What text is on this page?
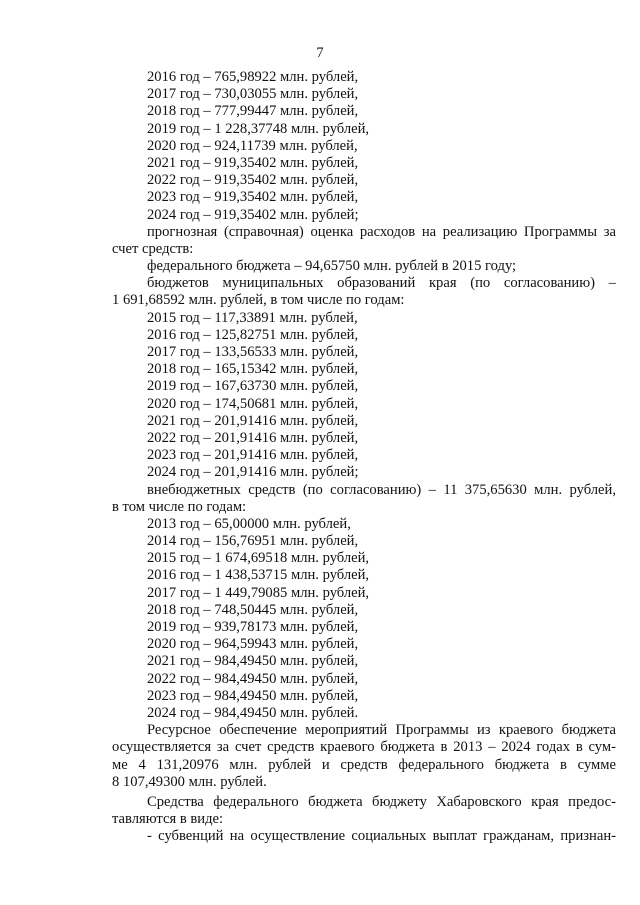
7
2016 год – 765,98922 млн. рублей,
2017 год – 730,03055 млн. рублей,
2018 год – 777,99447 млн. рублей,
2019 год – 1 228,37748 млн. рублей,
2020 год – 924,11739 млн. рублей,
2021 год – 919,35402 млн. рублей,
2022 год – 919,35402 млн. рублей,
2023 год – 919,35402 млн. рублей,
2024 год – 919,35402 млн. рублей;
прогнозная (справочная) оценка расходов на реализацию Программы за
счет средств:
федерального бюджета – 94,65750 млн. рублей в 2015 году;
бюджетов муниципальных образований края (по согласованию) –
1 691,68592 млн. рублей, в том числе по годам:
2015 год – 117,33891 млн. рублей,
2016 год – 125,82751 млн. рублей,
2017 год – 133,56533 млн. рублей,
2018 год – 165,15342 млн. рублей,
2019 год – 167,63730 млн. рублей,
2020 год – 174,50681 млн. рублей,
2021 год – 201,91416 млн. рублей,
2022 год – 201,91416 млн. рублей,
2023 год – 201,91416 млн. рублей,
2024 год – 201,91416 млн. рублей;
внебюджетных средств (по согласованию) – 11 375,65630 млн. рублей,
в том числе по годам:
2013 год – 65,00000 млн. рублей,
2014 год – 156,76951 млн. рублей,
2015 год – 1 674,69518 млн. рублей,
2016 год – 1 438,53715 млн. рублей,
2017 год – 1 449,79085 млн. рублей,
2018 год – 748,50445 млн. рублей,
2019 год – 939,78173 млн. рублей,
2020 год – 964,59943 млн. рублей,
2021 год – 984,49450 млн. рублей,
2022 год – 984,49450 млн. рублей,
2023 год – 984,49450 млн. рублей,
2024 год – 984,49450 млн. рублей.
Ресурсное обеспечение мероприятий Программы из краевого бюджета
осуществляется за счет средств краевого бюджета в 2013 – 2024 годах в сум-
ме 4 131,20976 млн. рублей и средств федерального бюджета в сумме
8 107,49300 млн. рублей.
Средства федерального бюджета бюджету Хабаровского края предос-
тавляются в виде:
- субвенций на осуществление социальных выплат гражданам, признан-
